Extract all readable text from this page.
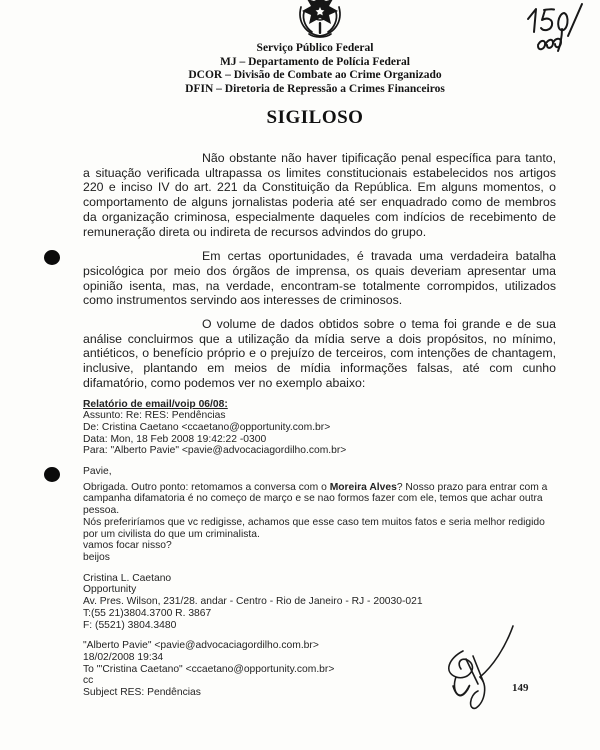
Serviço Público Federal
MJ – Departamento de Polícia Federal
DCOR – Divisão de Combate ao Crime Organizado
DFIN – Diretoria de Repressão a Crimes Financeiros
SIGILOSO

Não obstante não haver tipificação penal específica para tanto, a situação verificada ultrapassa os limites constitucionais estabelecidos nos artigos 220 e inciso IV do art. 221 da Constituição da República. Em alguns momentos, o comportamento de alguns jornalistas poderia até ser enquadrado como de membros da organização criminosa, especialmente daqueles com indícios de recebimento de remuneração direta ou indireta de recursos advindos do grupo.

Em certas oportunidades, é travada uma verdadeira batalha psicológica por meio dos órgãos de imprensa, os quais deveriam apresentar uma opinião isenta, mas, na verdade, encontram-se totalmente corrompidos, utilizados como instrumentos servindo aos interesses de criminosos.

O volume de dados obtidos sobre o tema foi grande e de sua análise concluirmos que a utilização da mídia serve a dois propósitos, no mínimo, antiéticos, o benefício próprio e o prejuízo de terceiros, com intenções de chantagem, inclusive, plantando em meios de mídia informações falsas, até com cunho difamatório, como podemos ver no exemplo abaixo:

Relatório de email/voip 06/08:
Assunto: Re: RES: Pendências
De: Cristina Caetano <ccaetano@opportunity.com.br>
Data: Mon, 18 Feb 2008 19:42:22 -0300
Para: "Alberto Pavie" <pavie@advocaciagordilho.com.br>
Pavie,
Obrigada. Outro ponto: retomamos a conversa com o Moreira Alves? Nosso prazo para entrar com a campanha difamatoria é no começo de março e se nao formos fazer com ele, temos que achar outra pessoa.
Nós preferiríamos que vc redigisse, achamos que esse caso tem muitos fatos e seria melhor redigido por um civilista do que um criminalista.
vamos focar nisso?
beijos
Cristina L. Caetano
Opportunity
Av. Pres. Wilson, 231/28. andar - Centro - Rio de Janeiro - RJ - 20030-021
T:(55 21)3804.3700 R. 3867
F: (5521) 3804.3480
"Alberto Pavie" <pavie@advocaciagordilho.com.br>
18/02/2008 19:34
To "'Cristina Caetano" <ccaetano@opportunity.com.br>
cc
Subject RES: Pendências	149
